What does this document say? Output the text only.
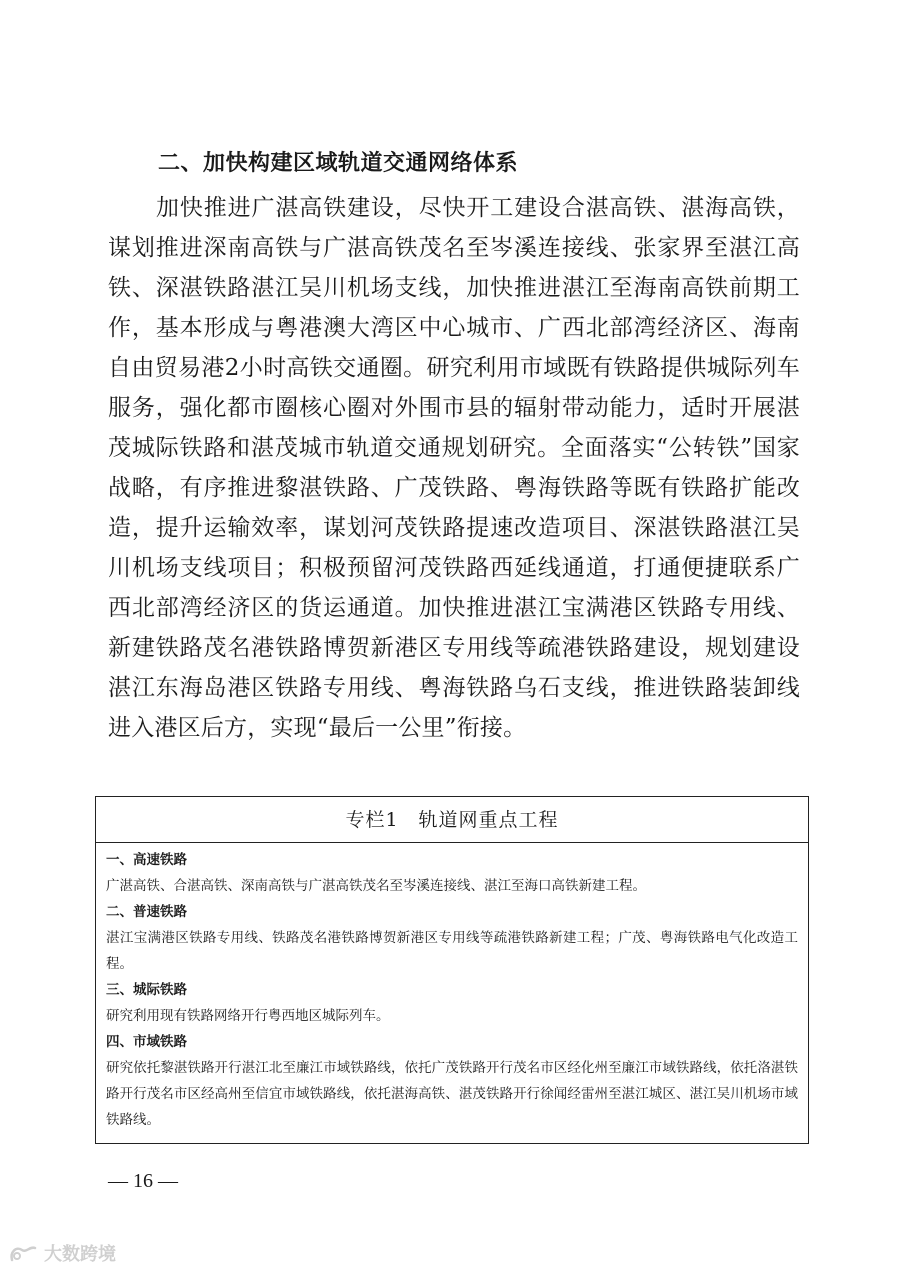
二、加快构建区域轨道交通网络体系

加快推进广湛高铁建设，尽快开工建设合湛高铁、湛海高铁，谋划推进深南高铁与广湛高铁茂名至岑溪连接线、张家界至湛江高铁、深湛铁路湛江吴川机场支线，加快推进湛江至海南高铁前期工作，基本形成与粤港澳大湾区中心城市、广西北部湾经济区、海南自由贸易港2小时高铁交通圈。研究利用市域既有铁路提供城际列车服务，强化都市圈核心圈对外围市县的辐射带动能力，适时开展湛茂城际铁路和湛茂城市轨道交通规划研究。全面落实“公转铁”国家战略，有序推进黎湛铁路、广茂铁路、粤海铁路等既有铁路扩能改造，提升运输效率，谋划河茂铁路提速改造项目、深湛铁路湛江吴川机场支线项目；积极预留河茂铁路西延线通道，打通便捷联系广西北部湾经济区的货运通道。加快推进湛江宝满港区铁路专用线、新建铁路茂名港铁路博贺新港区专用线等疏港铁路建设，规划建设湛江东海岛港区铁路专用线、粤海铁路乌石支线，推进铁路装卸线进入港区后方，实现“最后一公里”衔接。

专栏1　轨道网重点工程
一、高速铁路
广湛高铁、合湛高铁、深南高铁与广湛高铁茂名至岑溪连接线、湛江至海口高铁新建工程。
二、普速铁路
湛江宝满港区铁路专用线、铁路茂名港铁路博贺新港区专用线等疏港铁路新建工程；广茂、粤海铁路电气化改造工程。
三、城际铁路
研究利用现有铁路网络开行粤西地区城际列车。
四、市域铁路
研究依托黎湛铁路开行湛江北至廉江市域铁路线，依托广茂铁路开行茂名市区经化州至廉江市域铁路线，依托洛湛铁路开行茂名市区经高州至信宜市域铁路线，依托湛海高铁、湛茂铁路开行徐闻经雷州至湛江城区、湛江吴川机场市域铁路线。
— 16 —
大数跨境
